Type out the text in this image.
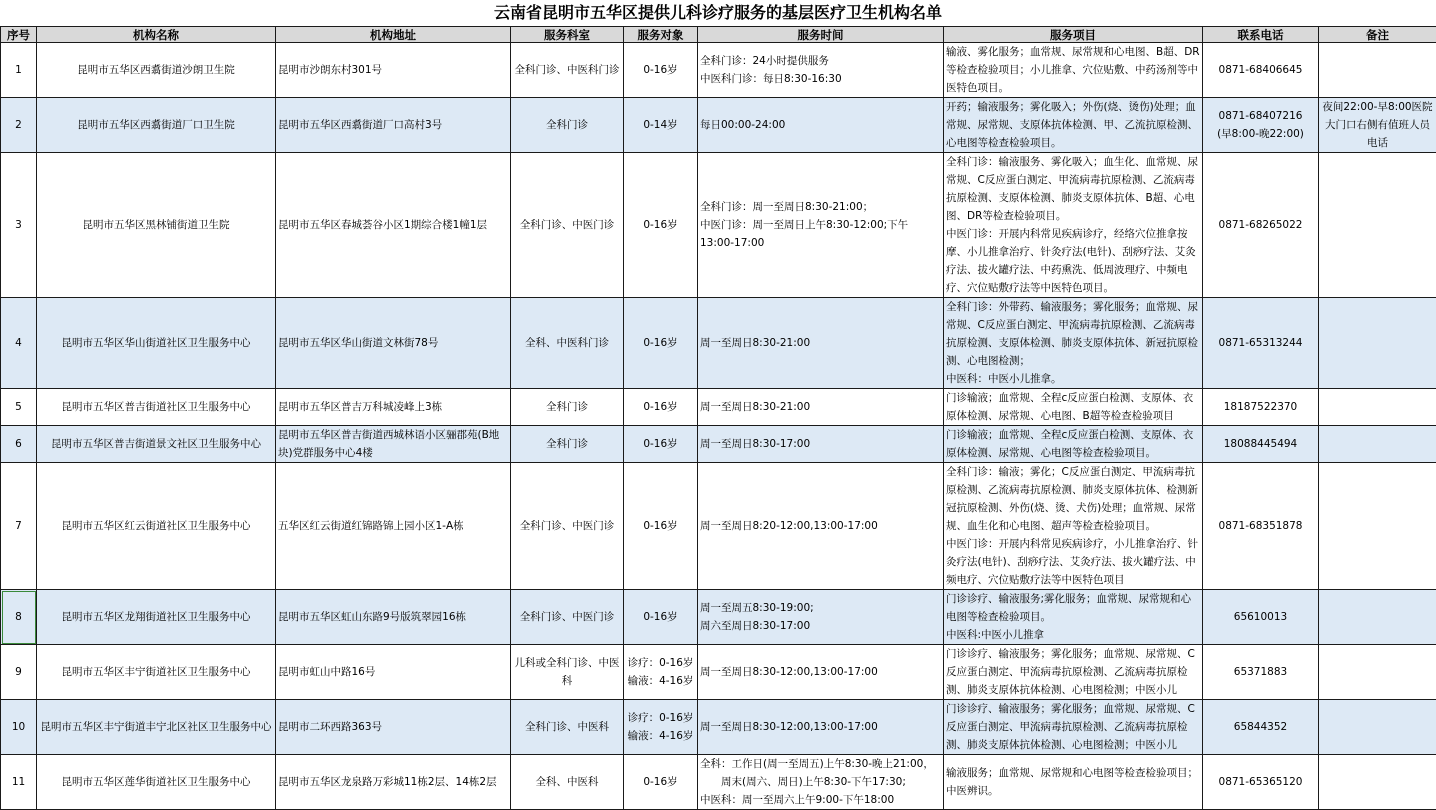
云南省昆明市五华区提供儿科诊疗服务的基层医疗卫生机构名单
序号	机构名称	机构地址	服务科室	服务对象	服务时间	服务项目	联系电话	备注
1	昆明市五华区西翥街道沙朗卫生院	昆明市沙朗东村301号	全科门诊、中医科门诊	0-16岁	全科门诊：24小时提供服务
中医科门诊：每日8:30-16:30	输液、雾化服务；血常规、尿常规和心电图、B超、DR等检查检验项目；小儿推拿、穴位贴敷、中药汤剂等中医特色项目。	0871-68406645	
2	昆明市五华区西翥街道厂口卫生院	昆明市五华区西翥街道厂口高村3号	全科门诊	0-14岁	每日00:00-24:00	开药；输液服务；雾化吸入；外伤(烧、烫伤)处理；血常规、尿常规、支原体抗体检测、甲、乙流抗原检测、心电图等检查检验项目。	0871-68407216
(早8:00-晚22:00)	夜间22:00-早8:00医院大门口右侧有值班人员电话
3	昆明市五华区黑林铺街道卫生院	昆明市五华区春城荟谷小区1期综合楼1幢1层	全科门诊、中医门诊	0-16岁	全科门诊：周一至周日8:30-21:00；
中医门诊：周一至周日上午8:30-12:00;下午13:00-17:00	全科门诊：输液服务、雾化吸入；血生化、血常规、尿常规、C反应蛋白测定、甲流病毒抗原检测、乙流病毒抗原检测、支原体检测、肺炎支原体抗体、B超、心电图、DR等检查检验项目。
中医门诊：开展内科常见疾病诊疗，经络穴位推拿按摩、小儿推拿治疗、针灸疗法(电针)、刮痧疗法、艾灸疗法、拔火罐疗法、中药熏洗、低周波理疗、中频电疗、穴位贴敷疗法等中医特色项目。	0871-68265022	
4	昆明市五华区华山街道社区卫生服务中心	昆明市五华区华山街道文林街78号	全科、中医科门诊	0-16岁	周一至周日8:30-21:00	全科门诊：外带药、输液服务；雾化服务；血常规、尿常规、C反应蛋白测定、甲流病毒抗原检测、乙流病毒抗原检测、支原体检测、肺炎支原体抗体、新冠抗原检测、心电图检测；
中医科：中医小儿推拿。	0871-65313244	
5	昆明市五华区普吉街道社区卫生服务中心	昆明市五华区普吉万科城凌峰上3栋	全科门诊	0-16岁	周一至周日8:30-21:00	门诊输液；血常规、全程c反应蛋白检测、支原体、衣原体检测、尿常规、心电图、B超等检查检验项目	18187522370	
6	昆明市五华区普吉街道景文社区卫生服务中心	昆明市五华区普吉街道西城林语小区骊郡苑(B地块)党群服务中心4楼	全科门诊	0-16岁	周一至周日8:30-17:00	门诊输液；血常规、全程c反应蛋白检测、支原体、衣原体检测、尿常规、心电图等检查检验项目。	18088445494	
7	昆明市五华区红云街道社区卫生服务中心	五华区红云街道红锦路锦上园小区1-A栋	全科门诊、中医门诊	0-16岁	周一至周日8:20-12:00,13:00-17:00	全科门诊：输液；雾化；C反应蛋白测定、甲流病毒抗原检测、乙流病毒抗原检测、肺炎支原体抗体、检测新冠抗原检测、外伤(烧、烫、犬伤)处理；血常规、尿常规、血生化和心电图、超声等检查检验项目。
中医门诊：开展内科常见疾病诊疗，小儿推拿治疗、针灸疗法(电针)、刮痧疗法、艾灸疗法、拔火罐疗法、中频电疗、穴位贴敷疗法等中医特色项目	0871-68351878	
8	昆明市五华区龙翔街道社区卫生服务中心	昆明市五华区虹山东路9号版筑翠园16栋	全科门诊、中医门诊	0-16岁	周一至周五8:30-19:00;
周六至周日8:30-17:00	门诊诊疗、输液服务;雾化服务；血常规、尿常规和心电图等检查检验项目。
中医科:中医小儿推拿	65610013	
9	昆明市五华区丰宁街道社区卫生服务中心	昆明市虹山中路16号	儿科或全科门诊、中医科	诊疗：0-16岁
输液：4-16岁	周一至周日8:30-12:00,13:00-17:00	门诊诊疗、输液服务；雾化服务；血常规、尿常规、C反应蛋白测定、甲流病毒抗原检测、乙流病毒抗原检测、肺炎支原体抗体检测、心电图检测；中医小儿	65371883	
10	昆明市五华区丰宁街道丰宁北区社区卫生服务中心	昆明市二环西路363号	全科门诊、中医科	诊疗：0-16岁
输液：4-16岁	周一至周日8:30-12:00,13:00-17:00	门诊诊疗、输液服务；雾化服务；血常规、尿常规、C反应蛋白测定、甲流病毒抗原检测、乙流病毒抗原检测、肺炎支原体抗体检测、心电图检测；中医小儿	65844352	
11	昆明市五华区莲华街道社区卫生服务中心	昆明市五华区龙泉路万彩城11栋2层、14栋2层	全科、中医科	0-16岁	全科：工作日(周一至周五)上午8:30-晚上21:00，
　　周末(周六、周日)上午8:30-下午17:30;
中医科：周一至周六上午9:00-下午18:00	输液服务；血常规、尿常规和心电图等检查检验项目；中医辨识。	0871-65365120	
